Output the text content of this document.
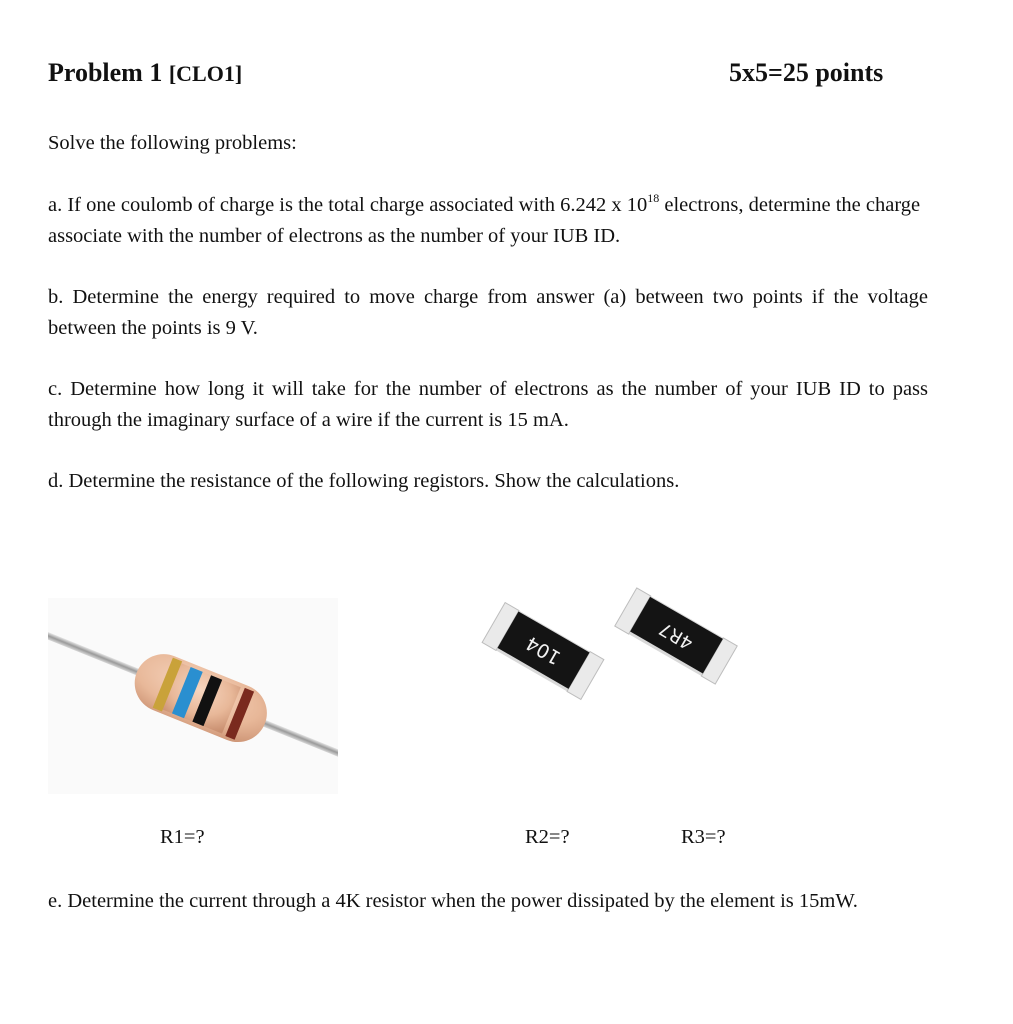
Problem 1 [CLO1]	5x5=25 points

Solve the following problems:

a. If one coulomb of charge is the total charge associated with 6.242 x $10^{18}$ electrons, determine the charge associate with the number of electrons as the number of your IUB ID.

b. Determine the energy required to move charge from answer (a) between two points if the voltage between the points is 9 V.

c. Determine how long it will take for the number of electrons as the number of your IUB ID to pass through the imaginary surface of a wire if the current is 15 mA.

d. Determine the resistance of the following registors. Show the calculations.

104	4R7
R1=?	R2=?	R3=?

e. Determine the current through a 4K resistor when the power dissipated by the element is 15mW.
